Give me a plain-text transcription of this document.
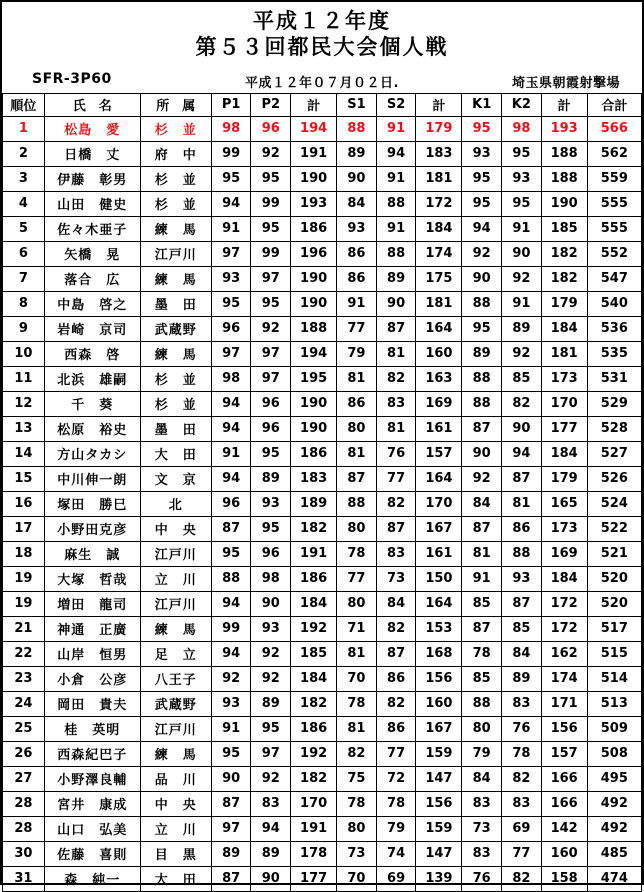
平成１２年度
第５３回都民大会個人戦
SFR-3P60	平成１２年０７月０２日.	埼玉県朝霞射撃場
順位	氏　名	所　属	P1	P2	計	S1	S2	計	K1	K2	計	合計
1	松島　愛	杉　並	98	96	194	88	91	179	95	98	193	566
2	日橋　丈	府　中	99	92	191	89	94	183	93	95	188	562
3	伊藤　彰男	杉　並	95	95	190	90	91	181	95	93	188	559
4	山田　健史	杉　並	94	99	193	84	88	172	95	95	190	555
5	佐々木亜子	練　馬	91	95	186	93	91	184	94	91	185	555
6	矢橋　晃	江戸川	97	99	196	86	88	174	92	90	182	552
7	落合　広	練　馬	93	97	190	86	89	175	90	92	182	547
8	中島　啓之	墨　田	95	95	190	91	90	181	88	91	179	540
9	岩崎　京司	武蔵野	96	92	188	77	87	164	95	89	184	536
10	西森　啓	練　馬	97	97	194	79	81	160	89	92	181	535
11	北浜　雄嗣	杉　並	98	97	195	81	82	163	88	85	173	531
12	千　葵	杉　並	94	96	190	86	83	169	88	82	170	529
13	松原　裕史	墨　田	94	96	190	80	81	161	87	90	177	528
14	方山タカシ	大　田	91	95	186	81	76	157	90	94	184	527
15	中川伸一朗	文　京	94	89	183	87	77	164	92	87	179	526
16	塚田　勝巳	北	96	93	189	88	82	170	84	81	165	524
17	小野田克彦	中　央	87	95	182	80	87	167	87	86	173	522
18	麻生　誠	江戸川	95	96	191	78	83	161	81	88	169	521
19	大塚　哲哉	立　川	88	98	186	77	73	150	91	93	184	520
19	増田　龍司	江戸川	94	90	184	80	84	164	85	87	172	520
21	神通　正廣	練　馬	99	93	192	71	82	153	87	85	172	517
22	山岸　恒男	足　立	94	92	185	81	87	168	78	84	162	515
23	小倉　公彦	八王子	92	92	184	70	86	156	85	89	174	514
24	岡田　貴夫	武蔵野	93	89	182	78	82	160	88	83	171	513
25	桂　英明	江戸川	91	95	186	81	86	167	80	76	156	509
26	西森紀巴子	練　馬	95	97	192	82	77	159	79	78	157	508
27	小野澤良輔	品　川	90	92	182	75	72	147	84	82	166	495
28	宮井　康成	中　央	87	83	170	78	78	156	83	83	166	492
28	山口　弘美	立　川	97	94	191	80	79	159	73	69	142	492
30	佐藤　喜則	目　黒	89	89	178	73	74	147	83	77	160	485
31	森　純一	大　田	87	90	177	70	69	139	76	82	158	474
